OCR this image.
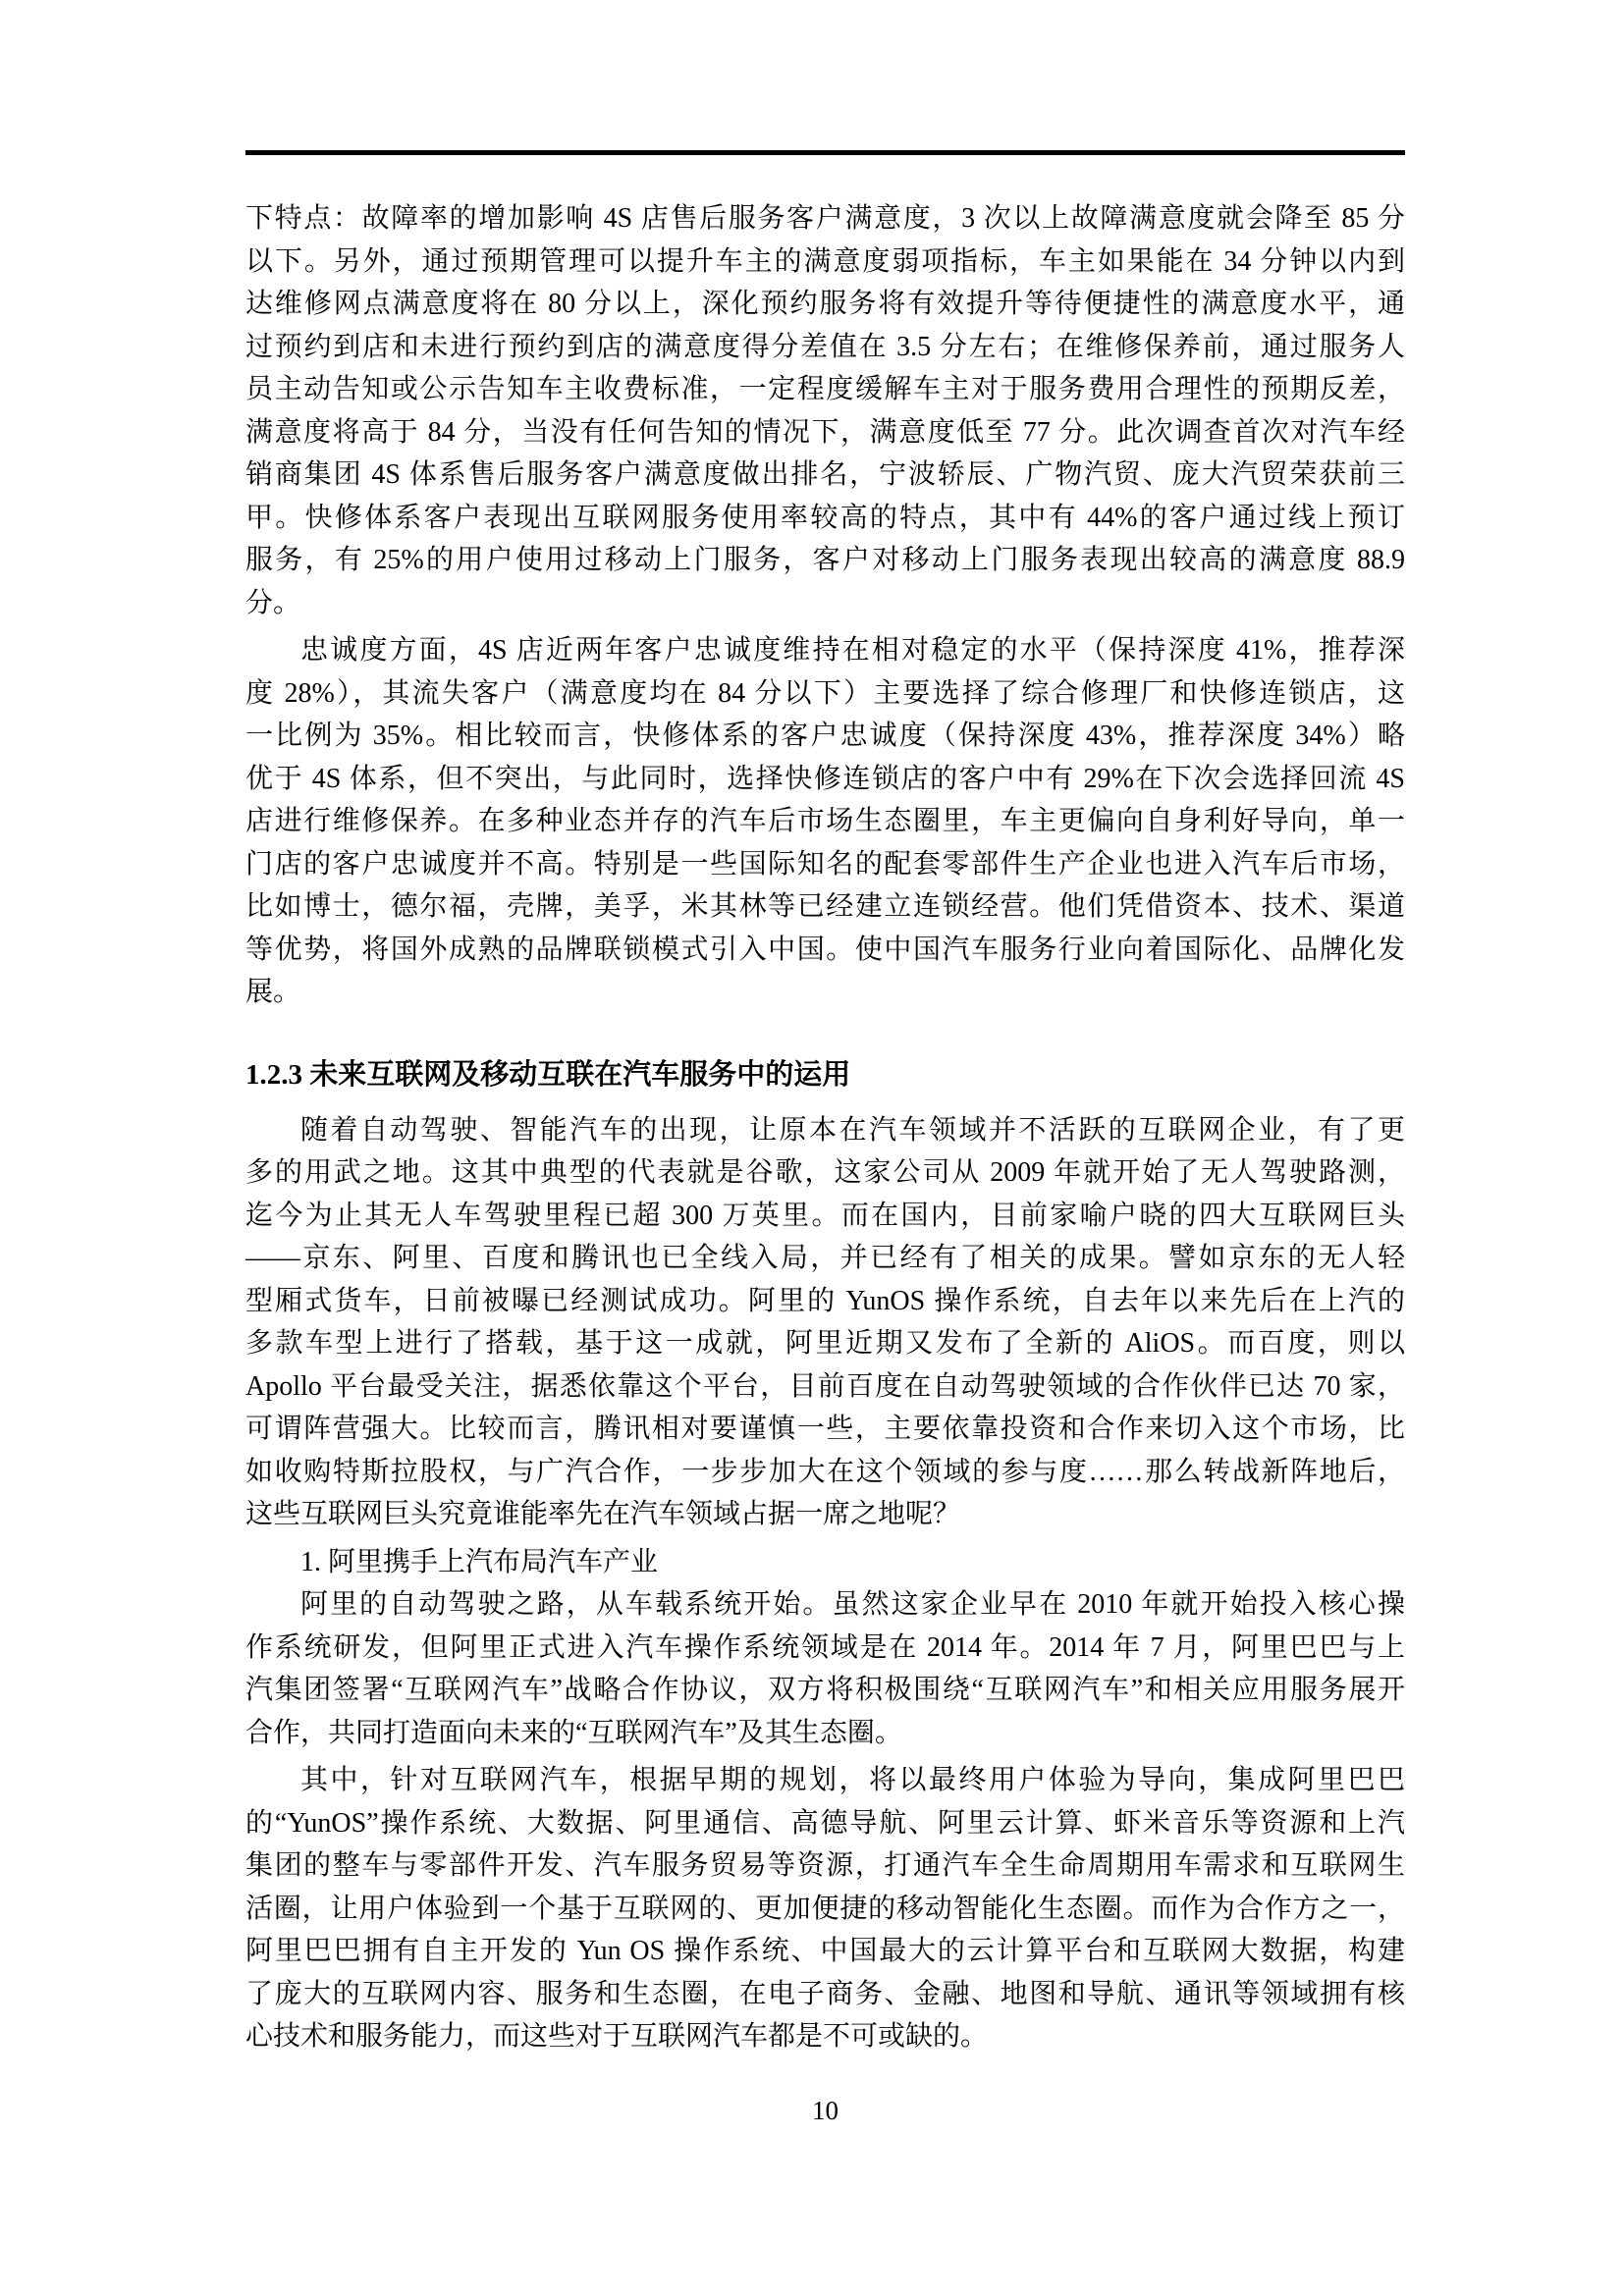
下特点：故障率的增加影响 4S 店售后服务客户满意度，3 次以上故障满意度就会降至 85 分
以下。另外，通过预期管理可以提升车主的满意度弱项指标，车主如果能在 34 分钟以内到
达维修网点满意度将在 80 分以上，深化预约服务将有效提升等待便捷性的满意度水平，通
过预约到店和未进行预约到店的满意度得分差值在 3.5 分左右；在维修保养前，通过服务人
员主动告知或公示告知车主收费标准，一定程度缓解车主对于服务费用合理性的预期反差，
满意度将高于 84 分，当没有任何告知的情况下，满意度低至 77 分。此次调查首次对汽车经
销商集团 4S 体系售后服务客户满意度做出排名，宁波轿辰、广物汽贸、庞大汽贸荣获前三
甲。快修体系客户表现出互联网服务使用率较高的特点，其中有 44%的客户通过线上预订
服务，有 25%的用户使用过移动上门服务，客户对移动上门服务表现出较高的满意度 88.9
分。
忠诚度方面，4S 店近两年客户忠诚度维持在相对稳定的水平（保持深度 41%，推荐深
度 28%），其流失客户（满意度均在 84 分以下）主要选择了综合修理厂和快修连锁店，这
一比例为 35%。相比较而言，快修体系的客户忠诚度（保持深度 43%，推荐深度 34%）略
优于 4S 体系，但不突出，与此同时，选择快修连锁店的客户中有 29%在下次会选择回流 4S
店进行维修保养。在多种业态并存的汽车后市场生态圈里，车主更偏向自身利好导向，单一
门店的客户忠诚度并不高。特别是一些国际知名的配套零部件生产企业也进入汽车后市场，
比如博士，德尔福，壳牌，美孚，米其林等已经建立连锁经营。他们凭借资本、技术、渠道
等优势，将国外成熟的品牌联锁模式引入中国。使中国汽车服务行业向着国际化、品牌化发
展。
1.2.3 未来互联网及移动互联在汽车服务中的运用
随着自动驾驶、智能汽车的出现，让原本在汽车领域并不活跃的互联网企业，有了更
多的用武之地。这其中典型的代表就是谷歌，这家公司从 2009 年就开始了无人驾驶路测，
迄今为止其无人车驾驶里程已超 300 万英里。而在国内，目前家喻户晓的四大互联网巨头
——京东、阿里、百度和腾讯也已全线入局，并已经有了相关的成果。譬如京东的无人轻
型厢式货车，日前被曝已经测试成功。阿里的 YunOS 操作系统，自去年以来先后在上汽的
多款车型上进行了搭载，基于这一成就，阿里近期又发布了全新的 AliOS。而百度，则以
Apollo 平台最受关注，据悉依靠这个平台，目前百度在自动驾驶领域的合作伙伴已达 70 家，
可谓阵营强大。比较而言，腾讯相对要谨慎一些，主要依靠投资和合作来切入这个市场，比
如收购特斯拉股权，与广汽合作，一步步加大在这个领域的参与度……那么转战新阵地后，
这些互联网巨头究竟谁能率先在汽车领域占据一席之地呢？
1. 阿里携手上汽布局汽车产业
阿里的自动驾驶之路，从车载系统开始。虽然这家企业早在 2010 年就开始投入核心操
作系统研发，但阿里正式进入汽车操作系统领域是在 2014 年。2014 年 7 月，阿里巴巴与上
汽集团签署“互联网汽车”战略合作协议，双方将积极围绕“互联网汽车”和相关应用服务展开
合作，共同打造面向未来的“互联网汽车”及其生态圈。
其中，针对互联网汽车，根据早期的规划，将以最终用户体验为导向，集成阿里巴巴
的“YunOS”操作系统、大数据、阿里通信、高德导航、阿里云计算、虾米音乐等资源和上汽
集团的整车与零部件开发、汽车服务贸易等资源，打通汽车全生命周期用车需求和互联网生
活圈，让用户体验到一个基于互联网的、更加便捷的移动智能化生态圈。而作为合作方之一，
阿里巴巴拥有自主开发的 Yun OS 操作系统、中国最大的云计算平台和互联网大数据，构建
了庞大的互联网内容、服务和生态圈，在电子商务、金融、地图和导航、通讯等领域拥有核
心技术和服务能力，而这些对于互联网汽车都是不可或缺的。
10
